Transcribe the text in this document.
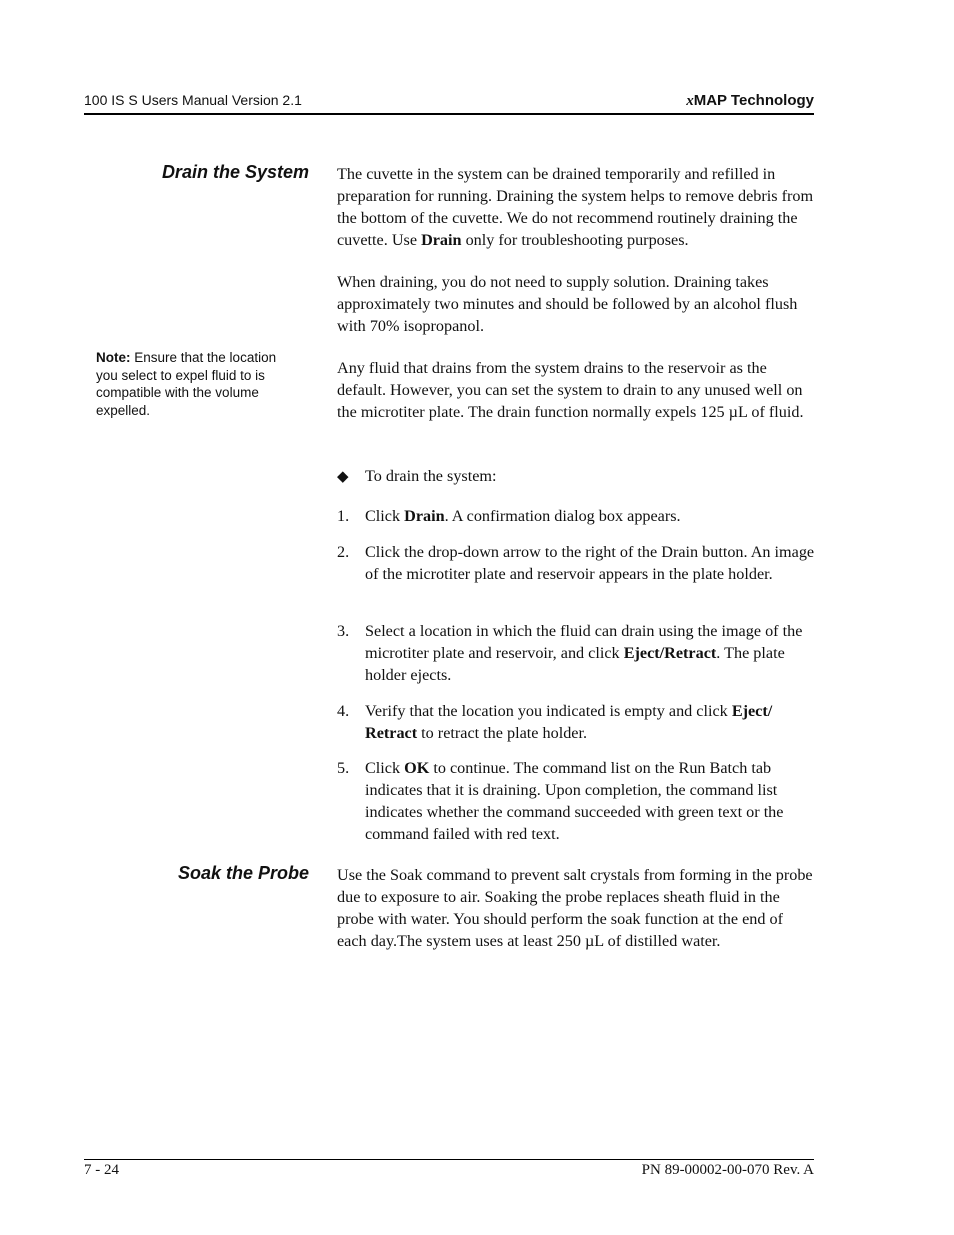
100 IS S Users Manual Version 2.1	xMAP Technology
Drain the System The cuvette in the system can be drained temporarily and refilled in preparation for running. Draining the system helps to remove debris from the bottom of the cuvette. We do not recommend routinely draining the cuvette. Use Drain only for troubleshooting purposes.
When draining, you do not need to supply solution. Draining takes approximately two minutes and should be followed by an alcohol flush with 70% isopropanol.
Note: Ensure that the location you select to expel fluid to is compatible with the volume expelled.
Any fluid that drains from the system drains to the reservoir as the default. However, you can set the system to drain to any unused well on the microtiter plate. The drain function normally expels 125 µL of fluid.
◆ To drain the system:
1. Click Drain. A confirmation dialog box appears.
2. Click the drop-down arrow to the right of the Drain button. An image of the microtiter plate and reservoir appears in the plate holder.
3. Select a location in which the fluid can drain using the image of the microtiter plate and reservoir, and click Eject/Retract. The plate holder ejects.
4. Verify that the location you indicated is empty and click Eject/ Retract to retract the plate holder.
5. Click OK to continue. The command list on the Run Batch tab indicates that it is draining. Upon completion, the command list indicates whether the command succeeded with green text or the command failed with red text.
Soak the Probe Use the Soak command to prevent salt crystals from forming in the probe due to exposure to air. Soaking the probe replaces sheath fluid in the probe with water. You should perform the soak function at the end of each day.The system uses at least 250 µL of distilled water.
7 - 24	PN 89-00002-00-070 Rev. A
